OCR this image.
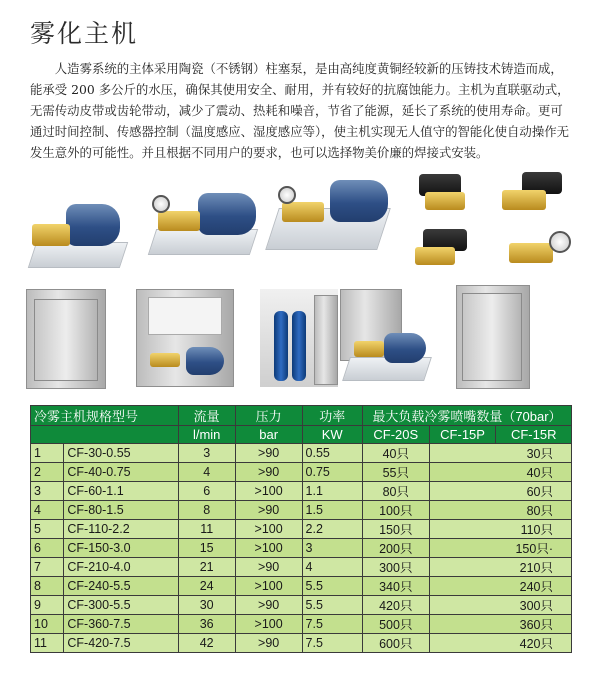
雾化主机
人造雾系统的主体采用陶瓷（不锈钢）柱塞泵，是由高纯度黄铜经较新的压铸技术铸造而成，能承受 200 多公斤的水压，确保其使用安全、耐用，并有较好的抗腐蚀能力。主机为直联驱动式，无需传动皮带或齿轮带动，减少了震动、热耗和噪音，节省了能源，延长了系统的使用寿命。更可通过时间控制、传感器控制（温度感应、湿度感应等），使主机实现无人值守的智能化使自动操作无发生意外的可能性。并且根据不同用户的要求，也可以选择物美价廉的焊接式安装。
冷雾主机规格型号		流量	压力	功率	最大负载冷雾喷嘴数量（70bar）		
		l/min	bar	KW	CF-20S	CF-15P	CF-15R
1	CF-30-0.55	3	>90	0.55	40只	30只	
2	CF-40-0.75	4	>90	0.75	55只	40只	
3	CF-60-1.1	6	>100	1.1	80只	60只	
4	CF-80-1.5	8	>90	1.5	100只	80只	
5	CF-110-2.2	11	>100	2.2	150只	110只	
6	CF-150-3.0	15	>100	3	200只	150只·	
7	CF-210-4.0	21	>90	4	300只	210只	
8	CF-240-5.5	24	>100	5.5	340只	240只	
9	CF-300-5.5	30	>90	5.5	420只	300只	
10	CF-360-7.5	36	>100	7.5	500只	360只	
11	CF-420-7.5	42	>90	7.5	600只	420只	
